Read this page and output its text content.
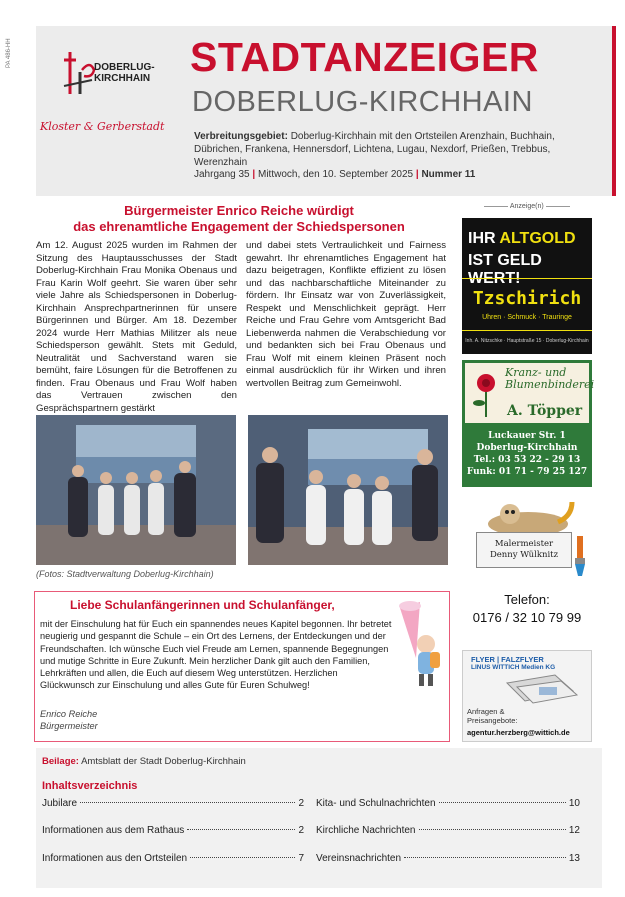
PA 486-HH	DOBERLUG-
KIRCHHAIN
Kloster & Gerberstadt
STADTANZEIGER
DOBERLUG-KIRCHHAIN
Verbreitungsgebiet: Doberlug-Kirchhain mit den Ortsteilen Arenzhain, Buchhain, Dübrichen, Frankena, Hennersdorf, Lichtena, Lugau, Nexdorf, Prießen, Trebbus, Werenzhain
Jahrgang 35 | Mittwoch, den 10. September 2025 | Nummer 11
Bürgermeister Enrico Reiche würdigt
das ehrenamtliche Engagement der Schiedspersonen
Am 12. August 2025 wurden im Rahmen der Sitzung des Hauptausschusses der Stadt Doberlug-Kirchhain Frau Monika Obenaus und Frau Karin Wolf geehrt. Sie waren über sehr viele Jahre als Schiedspersonen in Doberlug-Kirchhain Ansprechpartnerinnen für unsere Bürgerinnen und Bürger. Am 18. Dezember 2024 wurde Herr Mathias Militzer als neue Schiedsperson gewählt. Stets mit Geduld, Neutralität und Sachverstand waren sie bemüht, faire Lösungen für die Betroffenen zu finden. Frau Obenaus und Frau Wolf haben das Vertrauen zwischen den Gesprächspartnern gestärkt
und dabei stets Vertraulichkeit und Fairness gewahrt. Ihr ehrenamtliches Engagement hat dazu beigetragen, Konflikte effizient zu lösen und das nachbarschaftliche Miteinander zu fördern. Ihr Einsatz war von Zuverlässigkeit, Respekt und Menschlichkeit geprägt. Herr Reiche und Frau Gehre vom Amtsgericht Bad Liebenwerda nahmen die Verabschiedung vor und bedankten sich bei Frau Obenaus und Frau Wolf mit einem kleinen Präsent noch einmal ausdrücklich für ihr Wirken und ihren wertvollen Beitrag zum Gemeinwohl.
(Fotos: Stadtverwaltung Doberlug-Kirchhain)
Liebe Schulanfängerinnen und Schulanfänger,
mit der Einschulung hat für Euch ein spannendes neues Kapitel begonnen. Ihr betretet neugierig und gespannt die Schule – ein Ort des Lernens, der Entdeckungen und der Freundschaften. Ich wünsche Euch viel Freude am Lernen, spannende Begegnungen und mutige Schritte in Eure Zukunft. Mein herzlicher Dank gilt auch den Familien, Lehrkräften und allen, die Euch auf diesem Weg unterstützen. Herzlichen Glückwunsch zur Einschulung und alles Gute für Euren Schulweg!
Enrico Reiche
Bürgermeister
Anzeige(n)
IHR ALTGOLD
IST GELD WERT!
Tzschirich
Uhren · Schmuck · Trauringe
Inh. A. Nitzschke · Hauptstraße 15 · Doberlug-Kirchhain
Kranz- und
Blumenbinderei
A. Töpper
Luckauer Str. 1
Doberlug-Kirchhain
Tel.: 03 53 22 - 29 13
Funk: 01 71 - 79 25 127
Malermeister
Denny Wülknitz
Telefon:
0176 / 32 10 79 99
FLYER | FALZFLYER
LINUS WITTICH Medien KG
Anfragen &
Preisangebote:
agentur.herzberg@wittich.de
Beilage: Amtsblatt der Stadt Doberlug-Kirchhain
Inhaltsverzeichnis
Jubilare	2
Informationen aus dem Rathaus	2
Informationen aus den Ortsteilen	7
Kita- und Schulnachrichten	10
Kirchliche Nachrichten	12
Vereinsnachrichten	13
